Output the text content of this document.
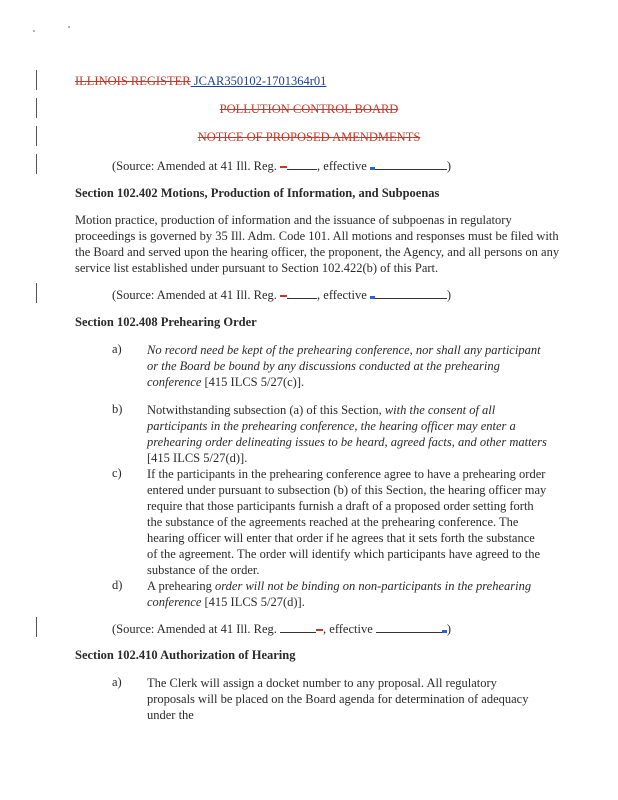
ILLINOIS REGISTER JCAR350102-1701364r01
POLLUTION CONTROL BOARD
NOTICE OF PROPOSED AMENDMENTS
(Source: Amended at 41 Ill. Reg.	, effective	)
Section 102.402 Motions, Production of Information, and Subpoenas
Motion practice, production of information and the issuance of subpoenas in regulatory proceedings is governed by 35 Ill. Adm. Code 101. All motions and responses must be filed with the Board and served upon the hearing officer, the proponent, the Agency, and all persons on any service list established under pursuant to Section 102.422(b) of this Part.
(Source: Amended at 41 Ill. Reg.	, effective	)
Section 102.408 Prehearing Order
a) No record need be kept of the prehearing conference, nor shall any participant or the Board be bound by any discussions conducted at the prehearing conference [415 ILCS 5/27(c)].
b) Notwithstanding subsection (a) of this Section, with the consent of all participants in the prehearing conference, the hearing officer may enter a prehearing order delineating issues to be heard, agreed facts, and other matters [415 ILCS 5/27(d)].
c) If the participants in the prehearing conference agree to have a prehearing order entered under pursuant to subsection (b) of this Section, the hearing officer may require that those participants furnish a draft of a proposed order setting forth the substance of the agreements reached at the prehearing conference. The hearing officer will enter that order if he agrees that it sets forth the substance of the agreement. The order will identify which participants have agreed to the substance of the order.
d) A prehearing order will not be binding on non-participants in the prehearing conference [415 ILCS 5/27(d)].
(Source: Amended at 41 Ill. Reg.	, effective	)
Section 102.410 Authorization of Hearing
a) The Clerk will assign a docket number to any proposal. All regulatory proposals will be placed on the Board agenda for determination of adequacy under the
